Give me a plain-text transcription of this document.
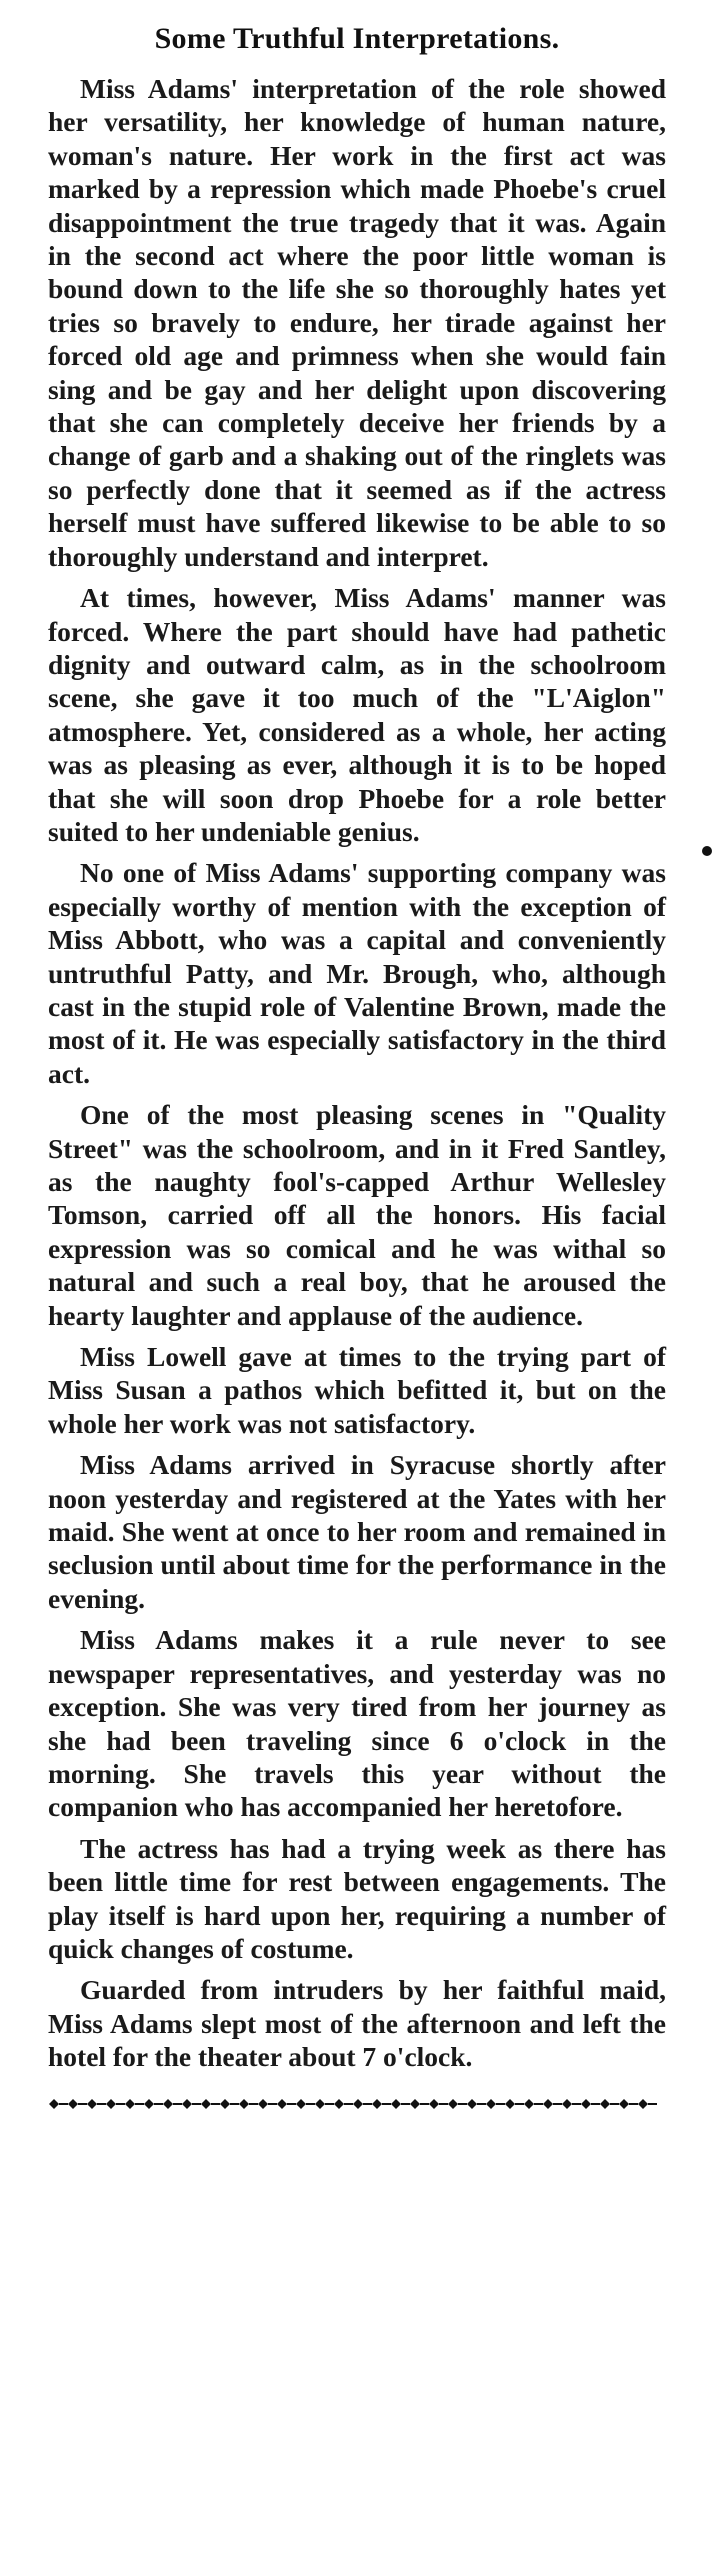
Some Truthful Interpretations.

Miss Adams' interpretation of the role showed her versatility, her knowledge of human nature, woman's nature. Her work in the first act was marked by a repression which made Phoebe's cruel disappointment the true tragedy that it was. Again in the second act where the poor little woman is bound down to the life she so thoroughly hates yet tries so bravely to endure, her tirade against her forced old age and primness when she would fain sing and be gay and her delight upon discovering that she can completely deceive her friends by a change of garb and a shaking out of the ringlets was so perfectly done that it seemed as if the actress herself must have suffered likewise to be able to so thoroughly understand and interpret.

At times, however, Miss Adams' manner was forced. Where the part should have had pathetic dignity and outward calm, as in the schoolroom scene, she gave it too much of the "L'Aiglon" atmosphere. Yet, considered as a whole, her acting was as pleasing as ever, although it is to be hoped that she will soon drop Phoebe for a role better suited to her undeniable genius.

No one of Miss Adams' supporting company was especially worthy of mention with the exception of Miss Abbott, who was a capital and conveniently untruthful Patty, and Mr. Brough, who, although cast in the stupid role of Valentine Brown, made the most of it. He was especially satisfactory in the third act.

One of the most pleasing scenes in "Quality Street" was the schoolroom, and in it Fred Santley, as the naughty fool's-capped Arthur Wellesley Tomson, carried off all the honors. His facial expression was so comical and he was withal so natural and such a real boy, that he aroused the hearty laughter and applause of the audience.

Miss Lowell gave at times to the trying part of Miss Susan a pathos which befitted it, but on the whole her work was not satisfactory.

Miss Adams arrived in Syracuse shortly after noon yesterday and registered at the Yates with her maid. She went at once to her room and remained in seclusion until about time for the performance in the evening.

Miss Adams makes it a rule never to see newspaper representatives, and yesterday was no exception. She was very tired from her journey as she had been traveling since 6 o'clock in the morning. She travels this year without the companion who has accompanied her heretofore.

The actress has had a trying week as there has been little time for rest between engagements. The play itself is hard upon her, requiring a number of quick changes of costume.

Guarded from intruders by her faithful maid, Miss Adams slept most of the afternoon and left the hotel for the theater about 7 o'clock.
